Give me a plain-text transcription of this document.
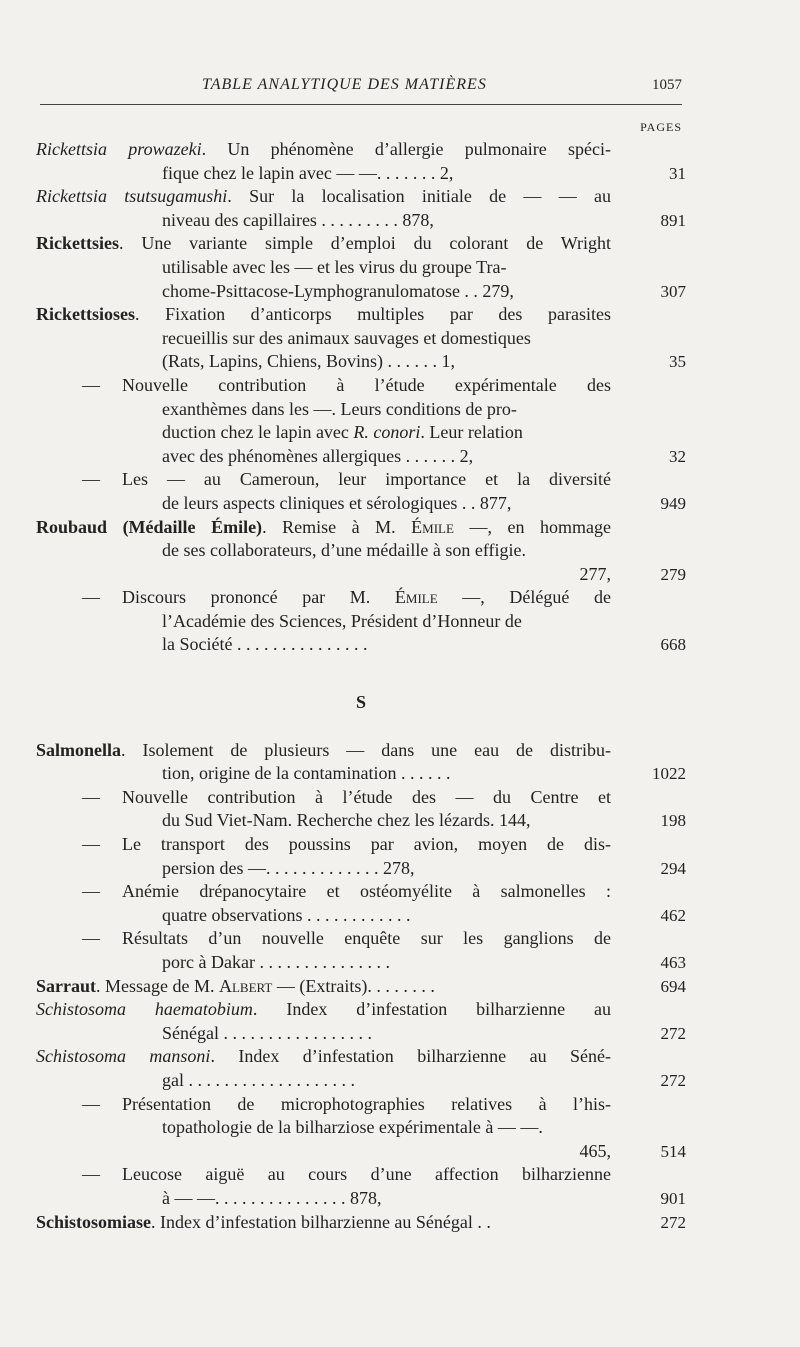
TABLE ANALYTIQUE DES MATIÈRES	1057
PAGES
Rickettsia prowazeki. Un phénomène d’allergie pulmonaire spéci-
fique chez le lapin avec — —. . . . . . . 2,	31
Rickettsia tsutsugamushi. Sur la localisation initiale de — — au
niveau des capillaires . . . . . . . . . 878,	891
Rickettsies. Une variante simple d’emploi du colorant de Wright
utilisable avec les — et les virus du groupe Tra-
chome-Psittacose-Lymphogranulomatose . . 279,	307
Rickettsioses. Fixation d’anticorps multiples par des parasites
recueillis sur des animaux sauvages et domestiques
(Rats, Lapins, Chiens, Bovins) . . . . . . 1,	35
— Nouvelle contribution à l’étude expérimentale des
exanthèmes dans les —. Leurs conditions de pro-
duction chez le lapin avec R. conori. Leur relation
avec des phénomènes allergiques . . . . . . 2,	32
— Les — au Cameroun, leur importance et la diversité
de leurs aspects cliniques et sérologiques . . 877,	949
Roubaud (Médaille Émile). Remise à M. Émile —, en hommage
de ses collaborateurs, d’une médaille à son effigie.
277,	279
— Discours prononcé par M. Émile —, Délégué de
l’Académie des Sciences, Président d’Honneur de
la Société . . . . . . . . . . . . . . .	668
S
Salmonella. Isolement de plusieurs — dans une eau de distribu-
tion, origine de la contamination . . . . . .	1022
— Nouvelle contribution à l’étude des — du Centre et
du Sud Viet-Nam. Recherche chez les lézards. 144,	198
— Le transport des poussins par avion, moyen de dis-
persion des —. . . . . . . . . . . . . 278,	294
— Anémie drépanocytaire et ostéomyélite à salmonelles :
quatre observations . . . . . . . . . . . .	462
— Résultats d’un nouvelle enquête sur les ganglions de
porc à Dakar . . . . . . . . . . . . . . .	463
Sarraut. Message de M. Albert — (Extraits). . . . . . . .	694
Schistosoma haematobium. Index d’infestation bilharzienne au
Sénégal . . . . . . . . . . . . . . . . .	272
Schistosoma mansoni. Index d’infestation bilharzienne au Séné-
gal . . . . . . . . . . . . . . . . . . .	272
— Présentation de microphotographies relatives à l’his-
topathologie de la bilharziose expérimentale à — —.
465,	514
— Leucose aiguë au cours d’une affection bilharzienne
à — —. . . . . . . . . . . . . . . 878,	901
Schistosomiase. Index d’infestation bilharzienne au Sénégal . .	272
